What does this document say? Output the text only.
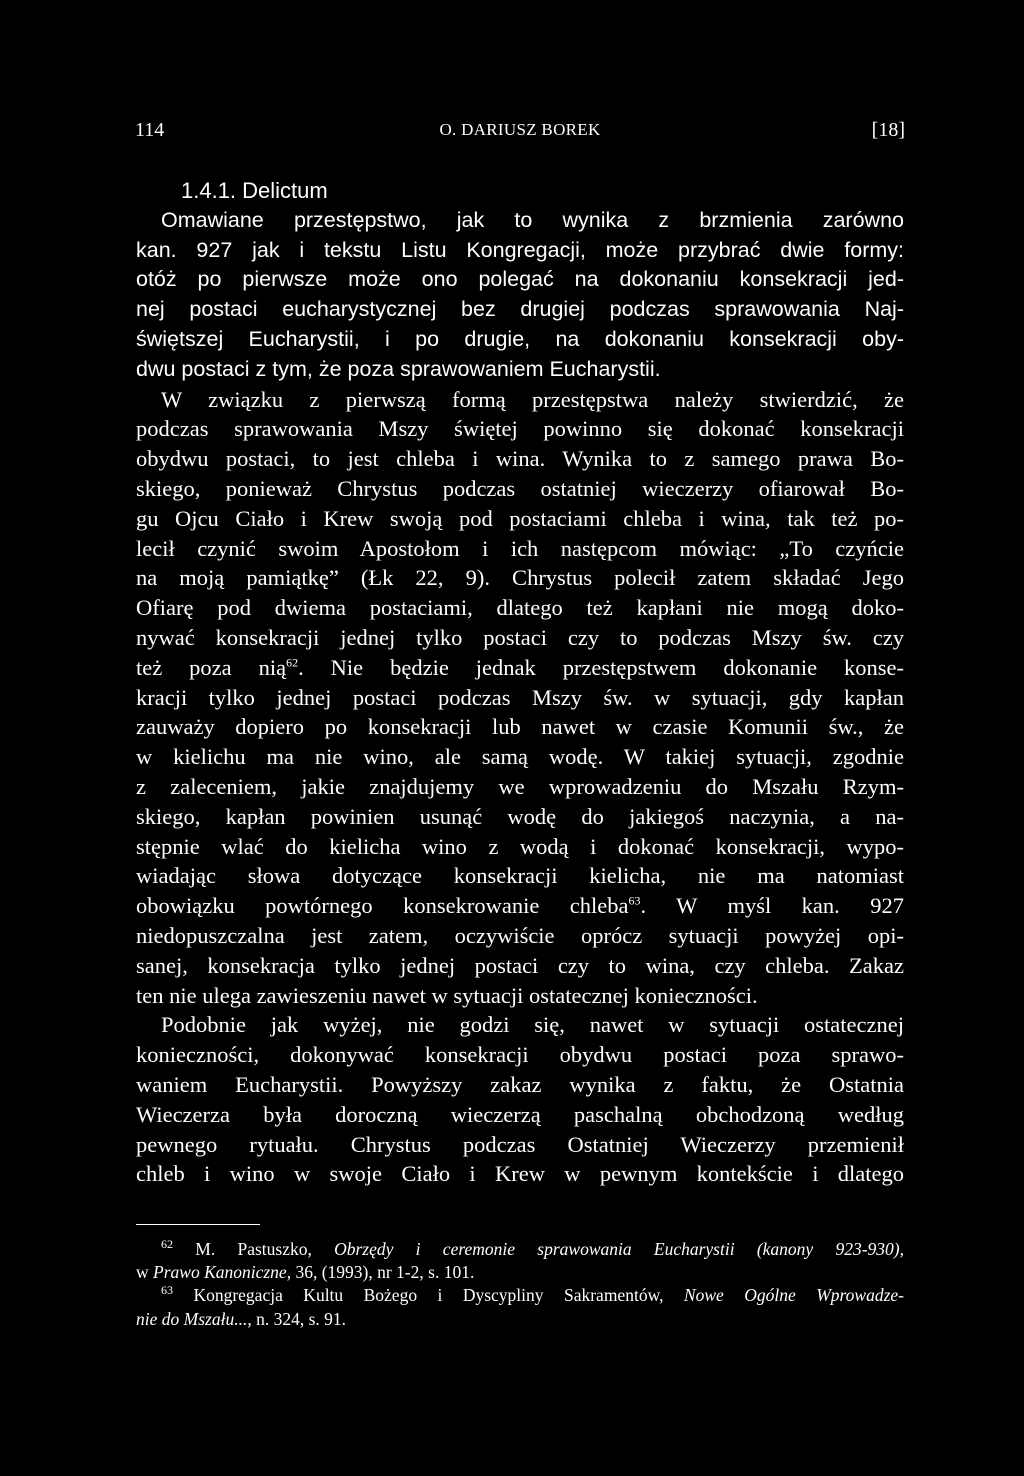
114	O. DARIUSZ BOREK	[18]
1.4.1. Delictum
Omawiane przestępstwo, jak to wynika z brzmienia zarówno
kan. 927 jak i tekstu Listu Kongregacji, może przybrać dwie formy:
otóż po pierwsze może ono polegać na dokonaniu konsekracji jed-
nej postaci eucharystycznej bez drugiej podczas sprawowania Naj-
świętszej Eucharystii, i po drugie, na dokonaniu konsekracji oby-
dwu postaci z tym, że poza sprawowaniem Eucharystii.
W związku z pierwszą formą przestępstwa należy stwierdzić, że
podczas sprawowania Mszy świętej powinno się dokonać konsekracji
obydwu postaci, to jest chleba i wina. Wynika to z samego prawa Bo-
skiego, ponieważ Chrystus podczas ostatniej wieczerzy ofiarował Bo-
gu Ojcu Ciało i Krew swoją pod postaciami chleba i wina, tak też po-
lecił czynić swoim Apostołom i ich następcom mówiąc: „To czyńcie
na moją pamiątkę” (Łk 22, 9). Chrystus polecił zatem składać Jego
Ofiarę pod dwiema postaciami, dlatego też kapłani nie mogą doko-
nywać konsekracji jednej tylko postaci czy to podczas Mszy św. czy
też poza nią$^{62}$. Nie będzie jednak przestępstwem dokonanie konse-
kracji tylko jednej postaci podczas Mszy św. w sytuacji, gdy kapłan
zauważy dopiero po konsekracji lub nawet w czasie Komunii św., że
w kielichu ma nie wino, ale samą wodę. W takiej sytuacji, zgodnie
z zaleceniem, jakie znajdujemy we wprowadzeniu do Mszału Rzym-
skiego, kapłan powinien usunąć wodę do jakiegoś naczynia, a na-
stępnie wlać do kielicha wino z wodą i dokonać konsekracji, wypo-
wiadając słowa dotyczące konsekracji kielicha, nie ma natomiast
obowiązku powtórnego konsekrowanie chleba$^{63}$. W myśl kan. 927
niedopuszczalna jest zatem, oczywiście oprócz sytuacji powyżej opi-
sanej, konsekracja tylko jednej postaci czy to wina, czy chleba. Zakaz
ten nie ulega zawieszeniu nawet w sytuacji ostatecznej konieczności.
Podobnie jak wyżej, nie godzi się, nawet w sytuacji ostatecznej
konieczności, dokonywać konsekracji obydwu postaci poza sprawo-
waniem Eucharystii. Powyższy zakaz wynika z faktu, że Ostatnia
Wieczerza była doroczną wieczerzą paschalną obchodzoną według
pewnego rytuału. Chrystus podczas Ostatniej Wieczerzy przemienił
chleb i wino w swoje Ciało i Krew w pewnym kontekście i dlatego
$^{62}$ M. Pastuszko, Obrzędy i ceremonie sprawowania Eucharystii (kanony 923-930),
w Prawo Kanoniczne, 36, (1993), nr 1-2, s. 101.
$^{63}$ Kongregacja Kultu Bożego i Dyscypliny Sakramentów, Nowe Ogólne Wprowadze-
nie do Mszału..., n. 324, s. 91.
